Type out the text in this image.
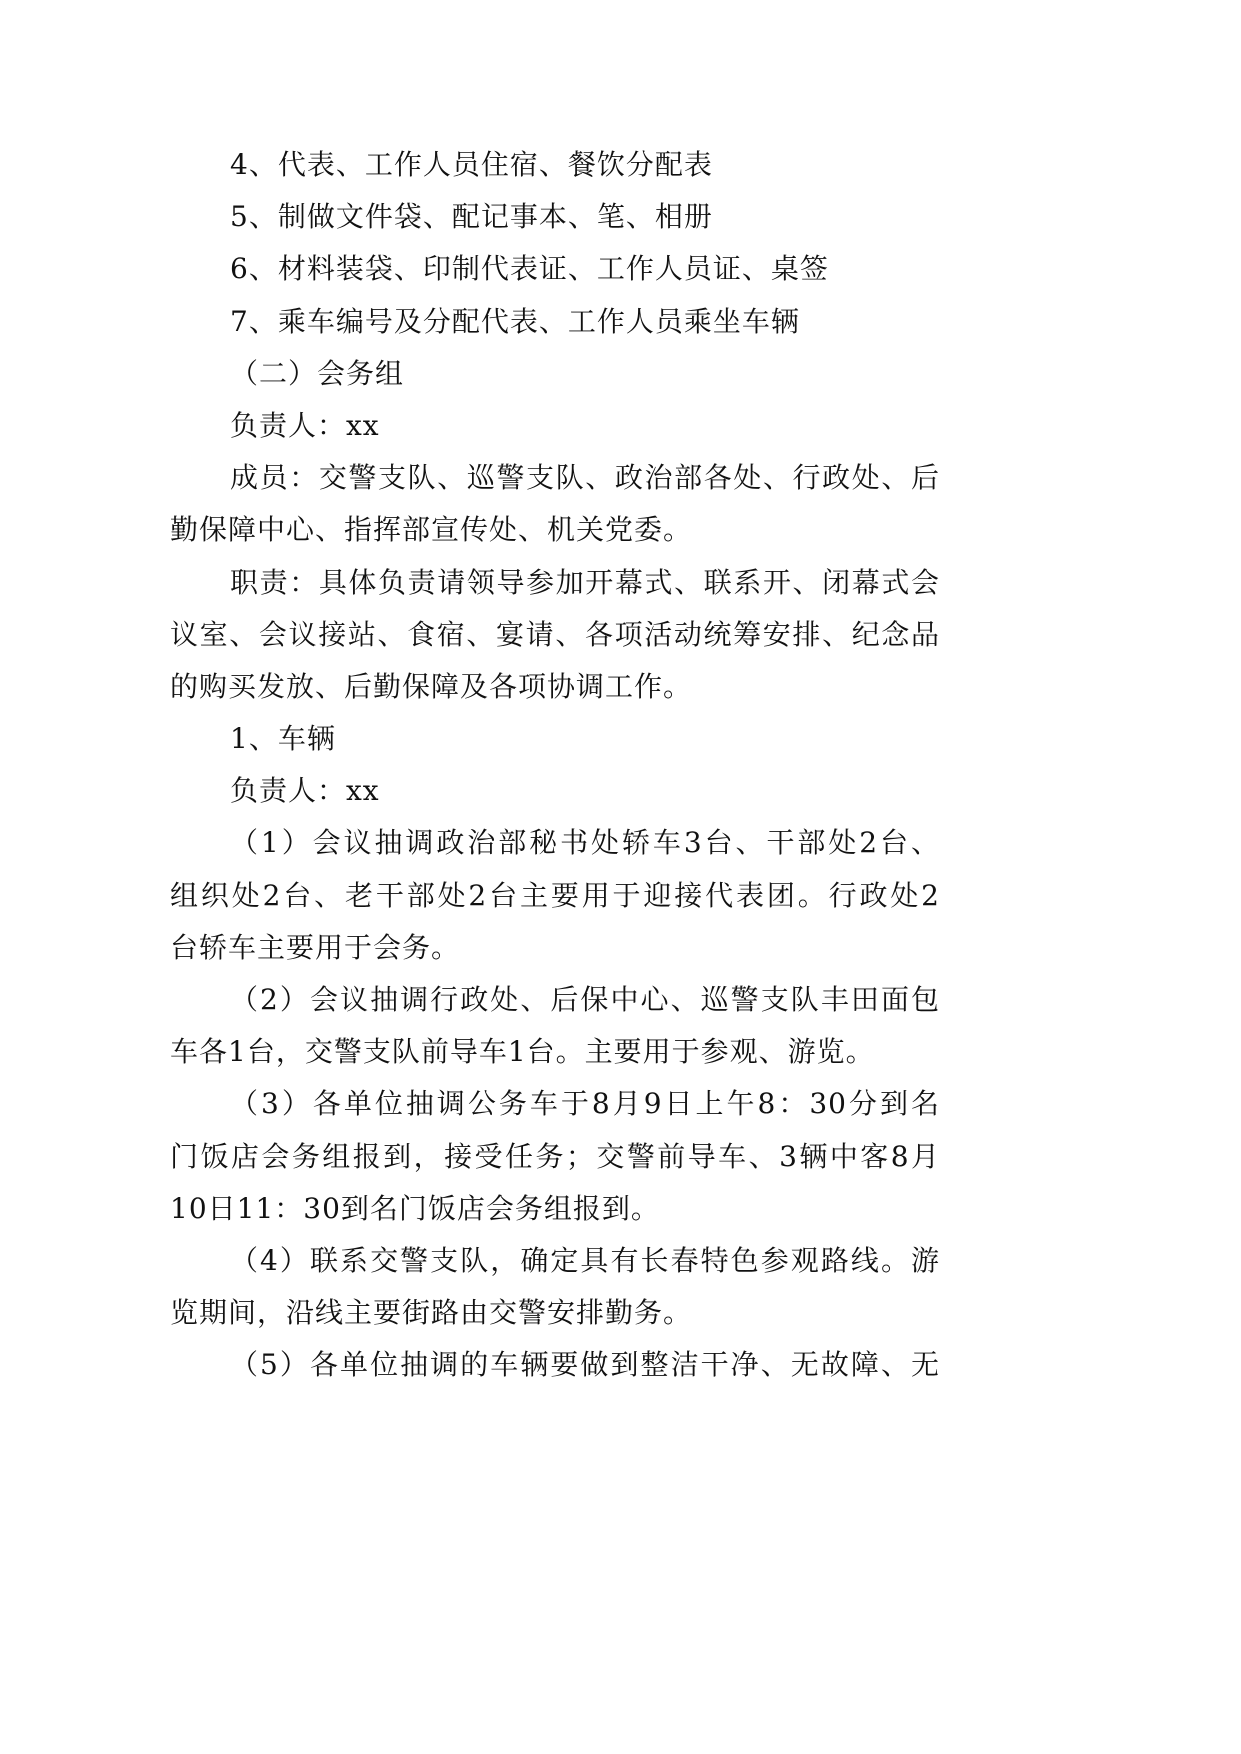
4、代表、工作人员住宿、餐饮分配表
5、制做文件袋、配记事本、笔、相册
6、材料装袋、印制代表证、工作人员证、桌签
7、乘车编号及分配代表、工作人员乘坐车辆
（二）会务组
负责人：xx
成员：交警支队、巡警支队、政治部各处、行政处、后
勤保障中心、指挥部宣传处、机关党委。
职责：具体负责请领导参加开幕式、联系开、闭幕式会
议室、会议接站、食宿、宴请、各项活动统筹安排、纪念品
的购买发放、后勤保障及各项协调工作。
1、车辆
负责人：xx
（1）会议抽调政治部秘书处轿车3台、干部处2台、
组织处2台、老干部处2台主要用于迎接代表团。行政处2
台轿车主要用于会务。
（2）会议抽调行政处、后保中心、巡警支队丰田面包
车各1台，交警支队前导车1台。主要用于参观、游览。
（3）各单位抽调公务车于8月9日上午8：30分到名
门饭店会务组报到，接受任务；交警前导车、3辆中客8月
10日11：30到名门饭店会务组报到。
（4）联系交警支队，确定具有长春特色参观路线。游
览期间，沿线主要街路由交警安排勤务。
（5）各单位抽调的车辆要做到整洁干净、无故障、无
